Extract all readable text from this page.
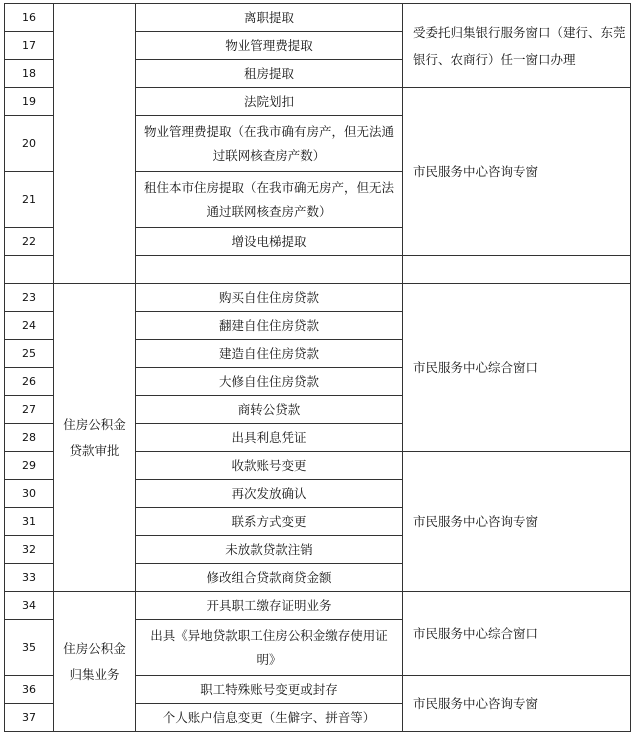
16		离职提取	受委托归集银行服务窗口（建行、东莞银行、农商行）任一窗口办理
17		物业管理费提取	
18		租房提取	
19		法院划扣	市民服务中心咨询专窗
20		物业管理费提取（在我市确有房产，但无法通过联网核查房产数）	
21		租住本市住房提取（在我市确无房产，但无法通过联网核查房产数）	
22		增设电梯提取	

23	住房公积金贷款审批	购买自住住房贷款	市民服务中心综合窗口
24		翻建自住住房贷款	
25		建造自住住房贷款	
26		大修自住住房贷款	
27		商转公贷款	
28		出具利息凭证	
29		收款账号变更	市民服务中心咨询专窗
30		再次发放确认	
31		联系方式变更	
32		未放款贷款注销	
33		修改组合贷款商贷金额	
34	住房公积金归集业务	开具职工缴存证明业务	市民服务中心综合窗口
35		出具《异地贷款职工住房公积金缴存使用证明》	
36		职工特殊账号变更或封存	市民服务中心咨询专窗
37		个人账户信息变更（生僻字、拼音等）	
